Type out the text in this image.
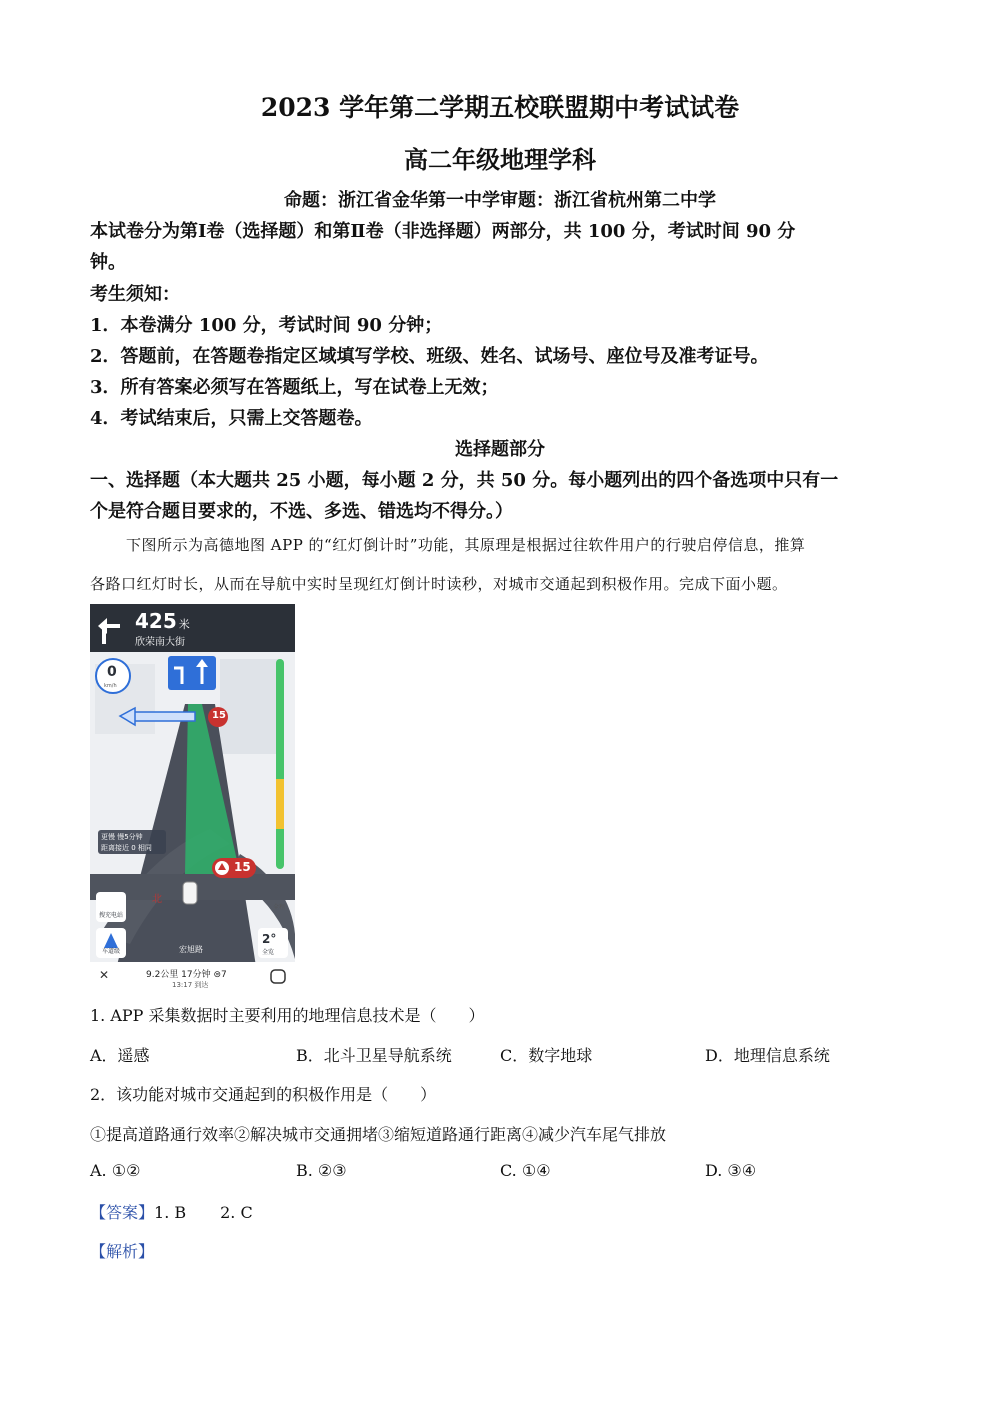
2023 学年第二学期五校联盟期中考试试卷
高二年级地理学科
命题：浙江省金华第一中学审题：浙江省杭州第二中学
本试卷分为第Ⅰ卷（选择题）和第Ⅱ卷（非选择题）两部分，共 100 分，考试时间 90 分
钟。
考生须知：
1．本卷满分 100 分，考试时间 90 分钟；
2．答题前，在答题卷指定区域填写学校、班级、姓名、试场号、座位号及准考证号。
3．所有答案必须写在答题纸上，写在试卷上无效；
4．考试结束后，只需上交答题卷。
选择题部分
一、选择题（本大题共 25 小题，每小题 2 分，共 50 分。每小题列出的四个备选项中只有一
个是符合题目要求的，不选、多选、错选均不得分。）
下图所示为高德地图 APP 的“红灯倒计时”功能，其原理是根据过往软件用户的行驶启停信息，推算
各路口红灯时长，从而在导航中实时呈现红灯倒计时读秒，对城市交通起到积极作用。完成下面小题。
425 米
欣荣南大街
0
km/h
15
15
更慢 慢5分钟
距离接近 0 相同
搜充电站
车道级	宏旭路
全程
北
2°
全览
✕	9.2公里 17分钟 ⊜7
13:17 到达
1. APP 采集数据时主要利用的地理信息技术是（　　）
A．遥感	B．北斗卫星导航系统	C．数字地球	D．地理信息系统
2．该功能对城市交通起到的积极作用是（　　）
①提高道路通行效率②解决城市交通拥堵③缩短道路通行距离④减少汽车尾气排放
A. ①②	B. ②③	C. ①④	D. ③④
【答案】1. B 2. C
【解析】
